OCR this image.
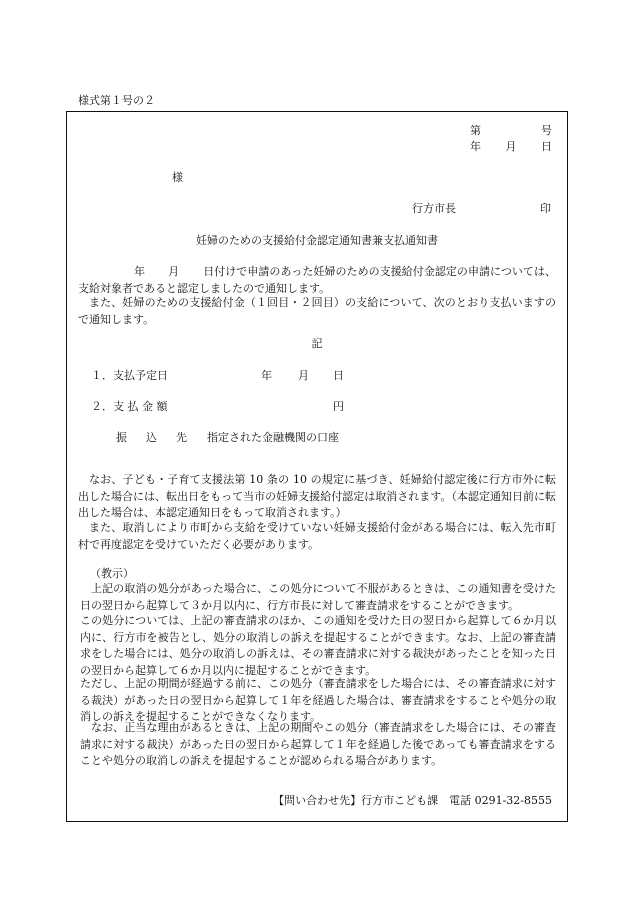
様式第１号の２
第	号
年 月 日
様
行方市長	印
妊婦のための支援給付金認定通知書兼支払通知書
年 月 日付けで申請のあった妊婦のための支援給付金認定の申請については、支給対象者であると認定しましたので通知します。
また、妊婦のための支援給付金（１回目・２回目）の支給について、次のとおり支払いますので通知します。
記
１．支払予定日	年 月 日
２．支 払 金 額	円
振　込　先 指定された金融機関の口座
なお、子ども・子育て支援法第 10 条の 10 の規定に基づき、妊婦給付認定後に行方市外に転出した場合には、転出日をもって当市の妊婦支援給付認定は取消されます。（本認定通知日前に転出した場合は、本認定通知日をもって取消されます。）
また、取消しにより市町から支給を受けていない妊婦支援給付金がある場合には、転入先市町村で再度認定を受けていただく必要があります。
（教示）
上記の取消の処分があった場合に、この処分について不服があるときは、この通知書を受けた日の翌日から起算して３か月以内に、行方市長に対して審査請求をすることができます。
この処分については、上記の審査請求のほか、この通知を受けた日の翌日から起算して６か月以内に、行方市を被告とし、処分の取消しの訴えを提起することができます。なお、上記の審査請求をした場合には、処分の取消しの訴えは、その審査請求に対する裁決があったことを知った日の翌日から起算して６か月以内に提起することができます。
ただし、上記の期間が経過する前に、この処分（審査請求をした場合には、その審査請求に対する裁決）があった日の翌日から起算して１年を経過した場合は、審査請求をすることや処分の取消しの訴えを提起することができなくなります。
なお、正当な理由があるときは、上記の期間やこの処分（審査請求をした場合には、その審査請求に対する裁決）があった日の翌日から起算して１年を経過した後であっても審査請求をすることや処分の取消しの訴えを提起することが認められる場合があります。
【問い合わせ先】行方市こども課　電話 0291-32-8555
